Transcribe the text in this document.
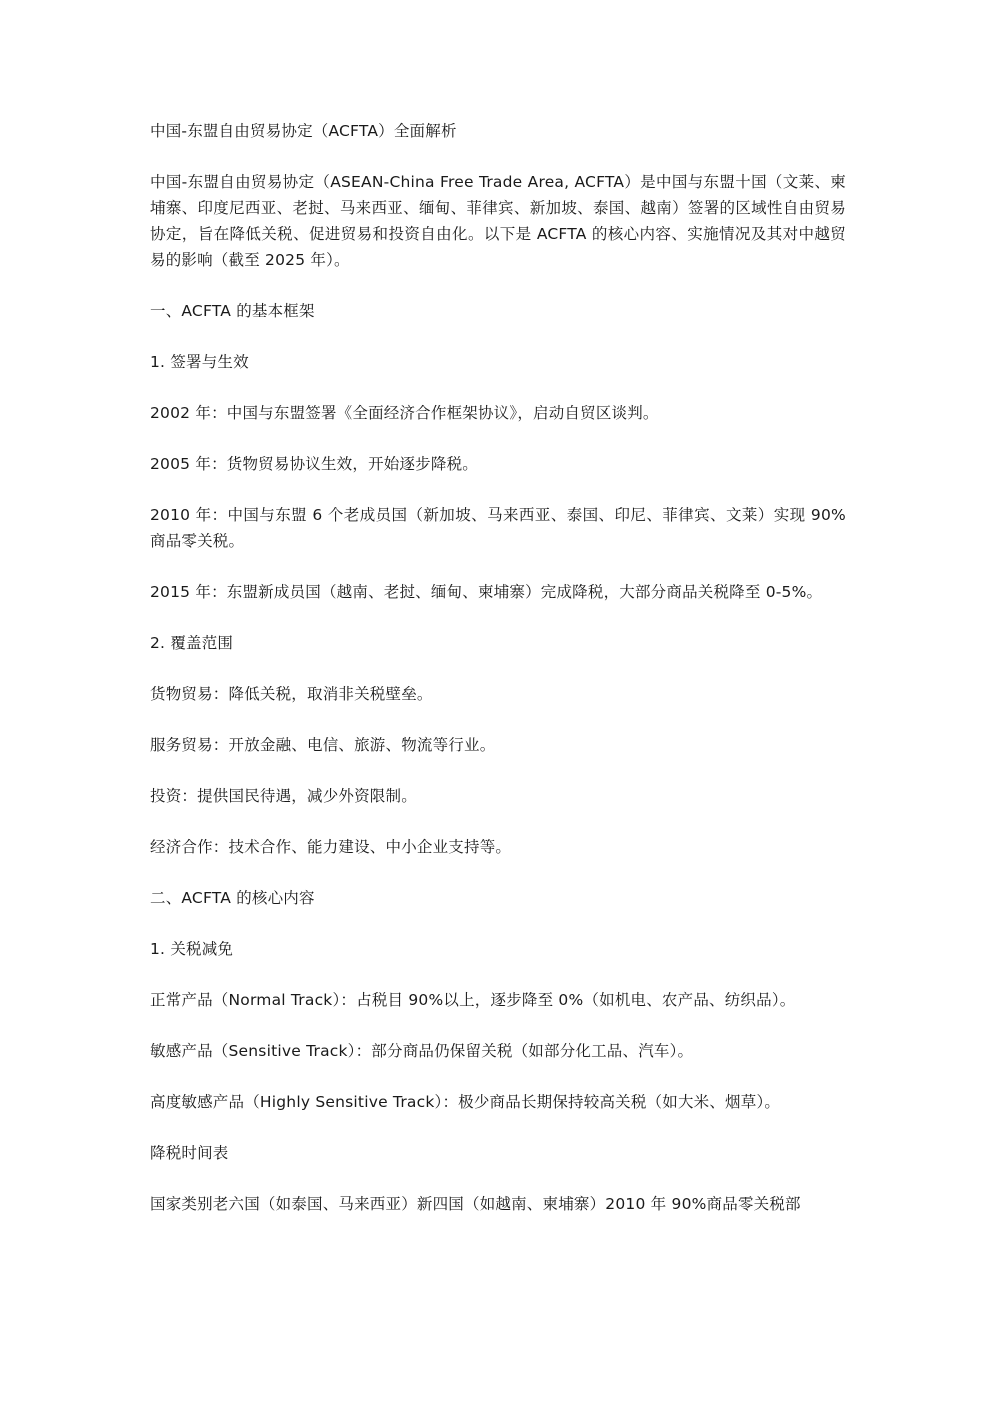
中国-东盟自由贸易协定（ACFTA）全面解析

中国-东盟自由贸易协定（ASEAN-China Free Trade Area, ACFTA）是中国与东盟十国（文莱、柬埔寨、印度尼西亚、老挝、马来西亚、缅甸、菲律宾、新加坡、泰国、越南）签署的区域性自由贸易协定，旨在降低关税、促进贸易和投资自由化。以下是 ACFTA 的核心内容、实施情况及其对中越贸易的影响（截至 2025 年）。

一、ACFTA 的基本框架

1. 签署与生效

2002 年：中国与东盟签署《全面经济合作框架协议》，启动自贸区谈判。

2005 年：货物贸易协议生效，开始逐步降税。

2010 年：中国与东盟 6 个老成员国（新加坡、马来西亚、泰国、印尼、菲律宾、文莱）实现 90%商品零关税。

2015 年：东盟新成员国（越南、老挝、缅甸、柬埔寨）完成降税，大部分商品关税降至 0-5%。

2. 覆盖范围

货物贸易：降低关税，取消非关税壁垒。

服务贸易：开放金融、电信、旅游、物流等行业。

投资：提供国民待遇，减少外资限制。

经济合作：技术合作、能力建设、中小企业支持等。

二、ACFTA 的核心内容

1. 关税减免

正常产品（Normal Track）：占税目 90%以上，逐步降至 0%（如机电、农产品、纺织品）。

敏感产品（Sensitive Track）：部分商品仍保留关税（如部分化工品、汽车）。

高度敏感产品（Highly Sensitive Track）：极少商品长期保持较高关税（如大米、烟草）。

降税时间表

国家类别老六国（如泰国、马来西亚）新四国（如越南、柬埔寨）2010 年 90%商品零关税部
